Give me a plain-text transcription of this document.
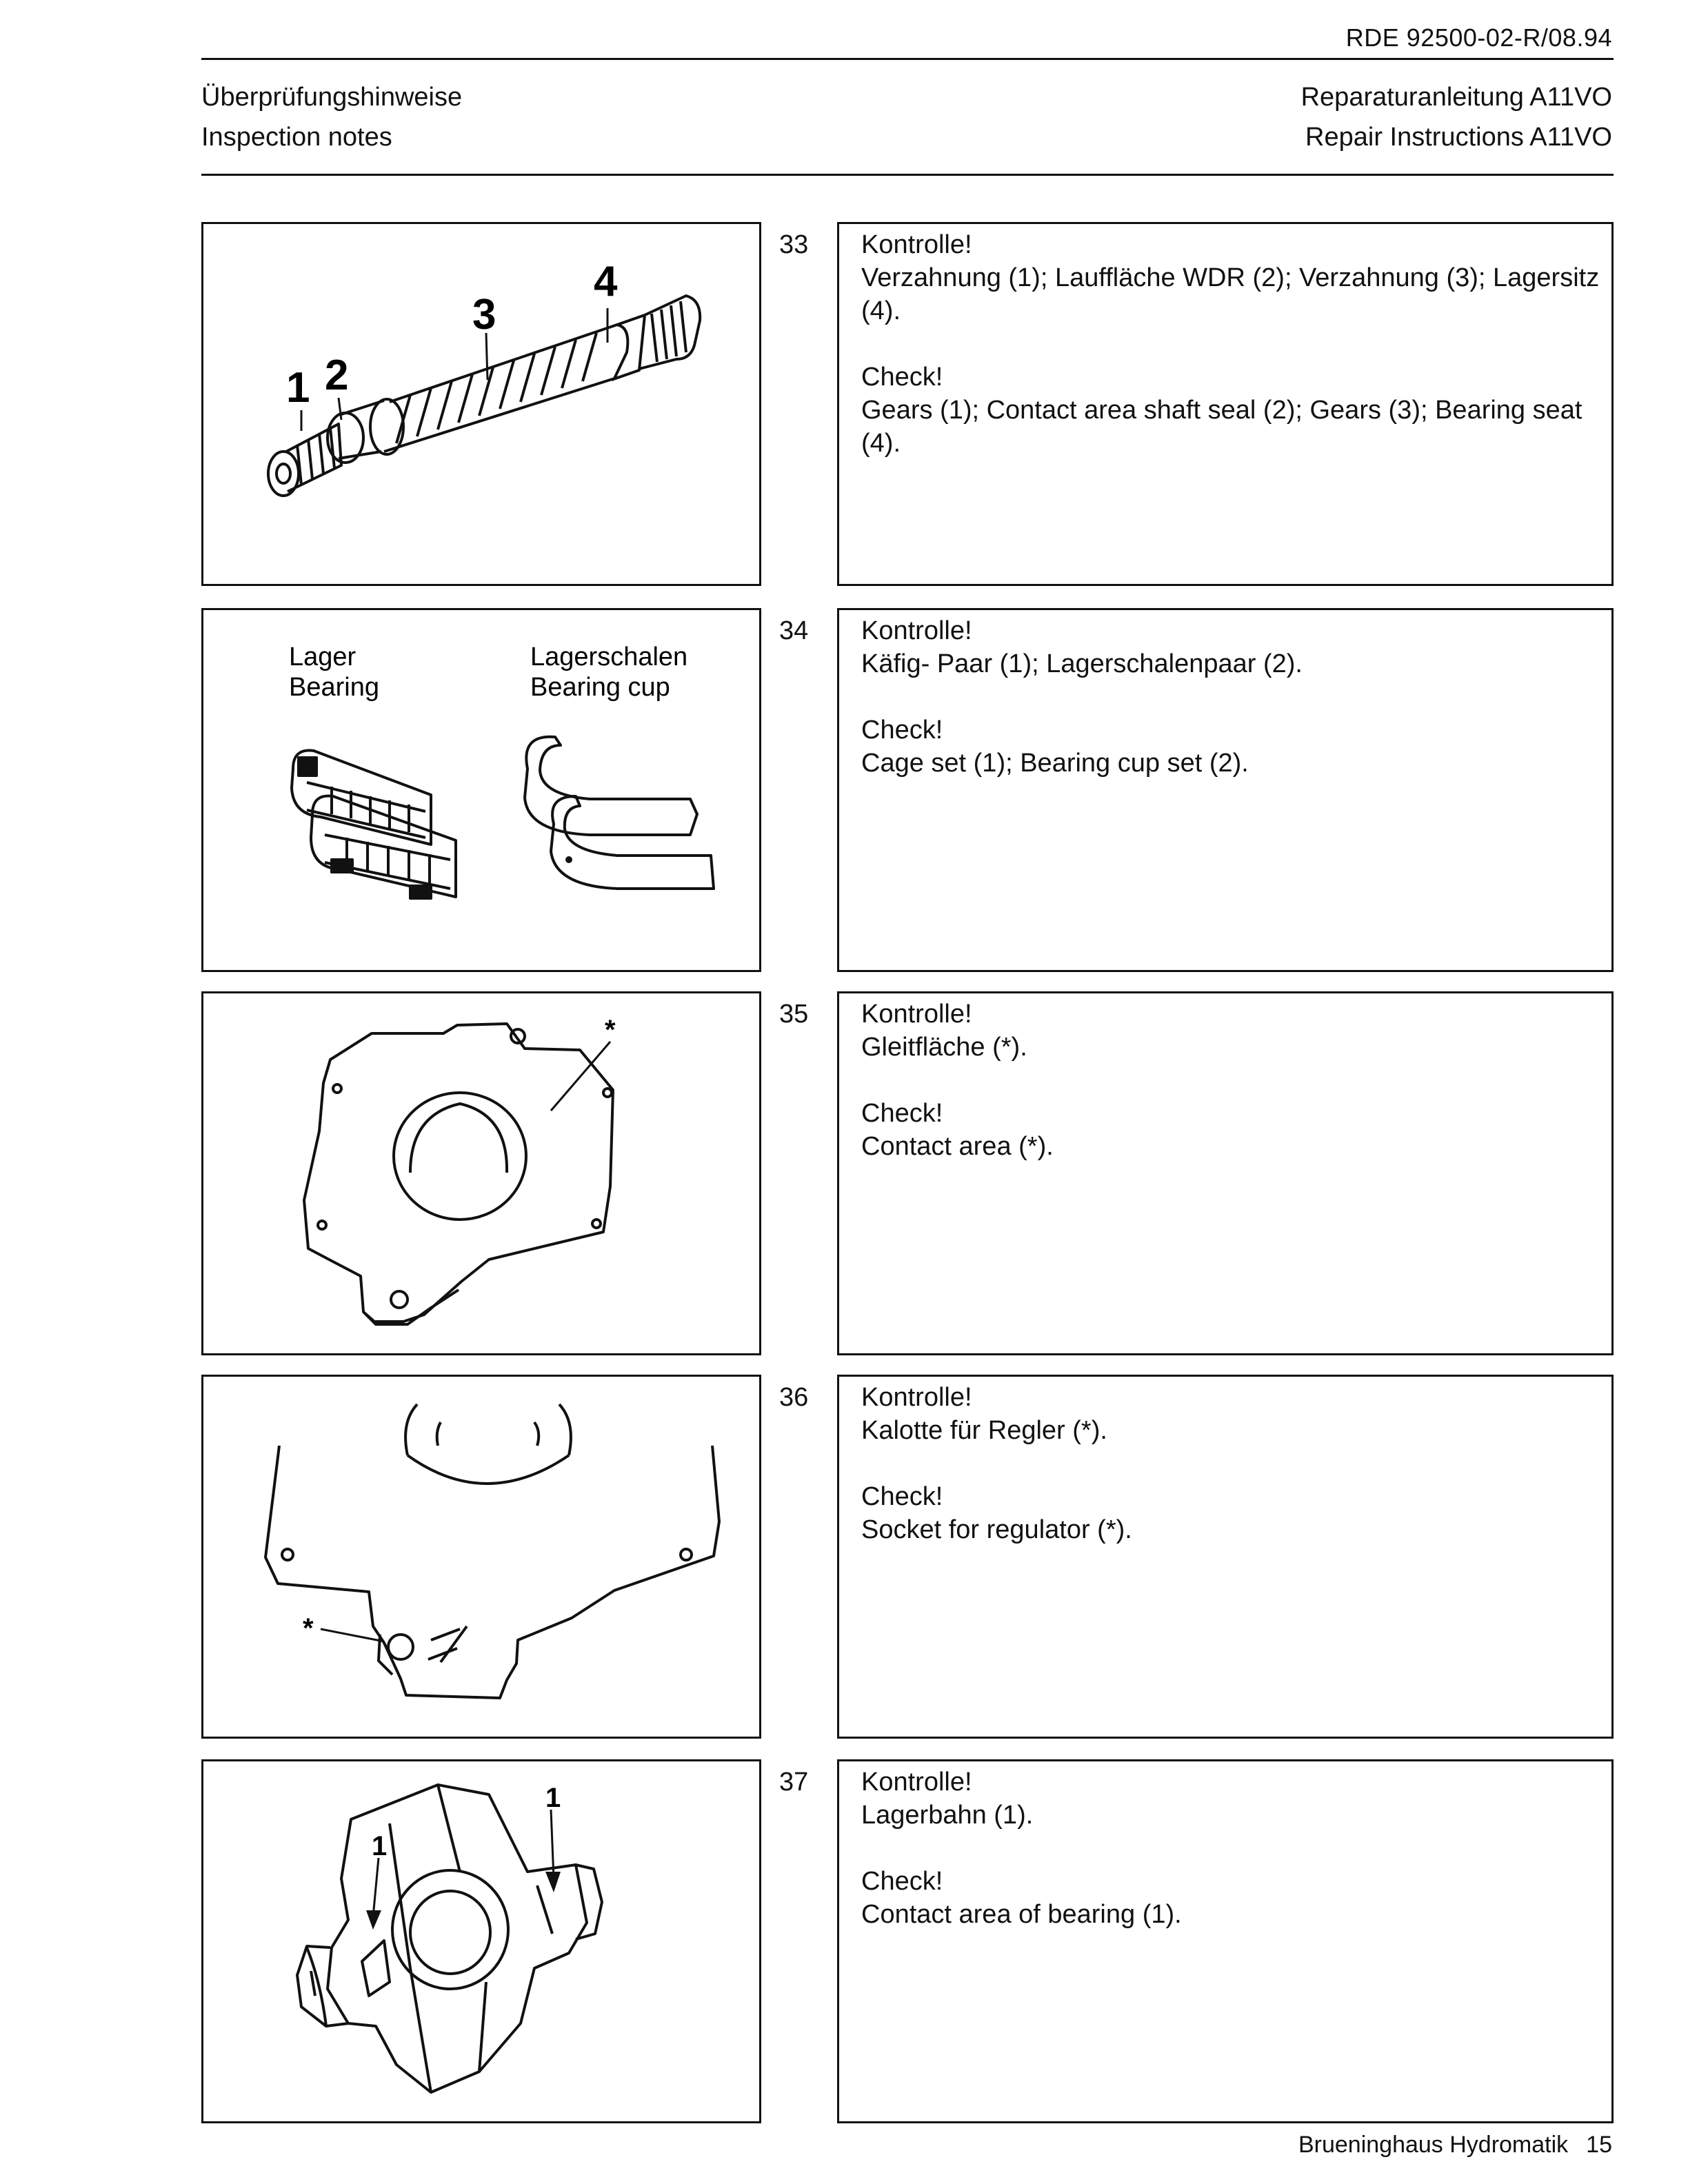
RDE 92500-02-R/08.94
Überprüfungshinweise
Inspection notes
Reparaturanleitung A11VO
Repair Instructions A11VO
1 2
3
4
33 Kontrolle!

Verzahnung (1); Lauffläche WDR (2); Verzahnung (3); Lagersitz (4).

Check!

Gears (1); Contact area shaft seal (2); Gears (3); Bearing seat (4).

Lager
Bearing
Lagerschalen
Bearing cup
34 Kontrolle!

Käfig- Paar (1); Lagerschalenpaar (2).

Check!

Cage set (1); Bearing cup set (2).

*
35 Kontrolle!

Gleitfläche (*).

Check!

Contact area (*).

*
36 Kontrolle!

Kalotte für Regler (*).

Check!

Socket for regulator (*).

1
1
37 Kontrolle!

Lagerbahn (1).

Check!

Contact area of bearing (1).

Brueninghaus Hydromatik 15
